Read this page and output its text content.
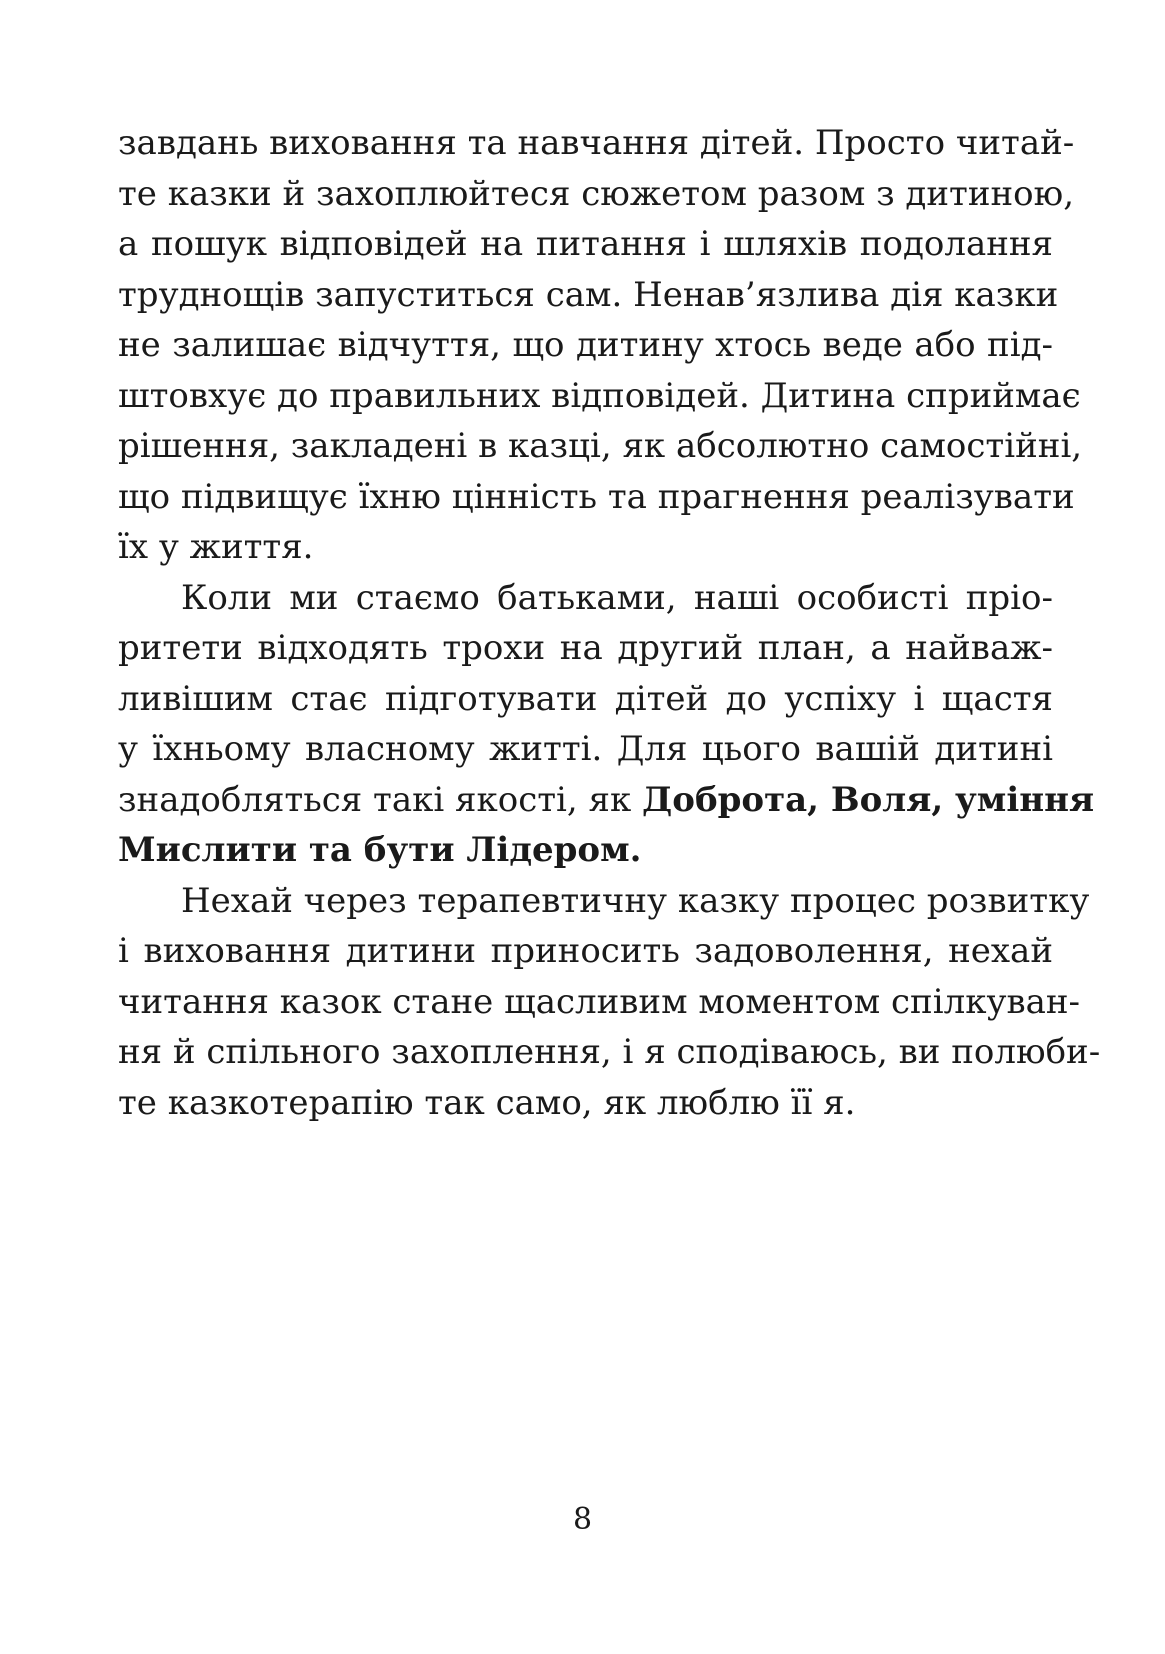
завдань виховання та навчання дітей. Просто читай-
те казки й захоплюйтеся сюжетом разом з дитиною,
а пошук відповідей на питання і шляхів подолання
труднощів запуститься сам. Ненав’язлива дія казки
не залишає відчуття, що дитину хтось веде або під-
штовхує до правильних відповідей. Дитина сприймає
рішення, закладені в казці, як абсолютно самостійні,
що підвищує їхню цінність та прагнення реалізувати
їх у життя.
Коли ми стаємо батьками, наші особисті пріо-
ритети відходять трохи на другий план, а найваж-
ливішим стає підготувати дітей до успіху і щастя
у їхньому власному житті. Для цього вашій дитині
знадобляться такі якості, як Доброта, Воля, уміння
Мислити та бути Лідером.
Нехай через терапевтичну казку процес розвитку
і виховання дитини приносить задоволення, нехай
читання казок стане щасливим моментом спілкуван-
ня й спільного захоплення, і я сподіваюсь, ви полюби-
те казкотерапію так само, як люблю її я.
8
